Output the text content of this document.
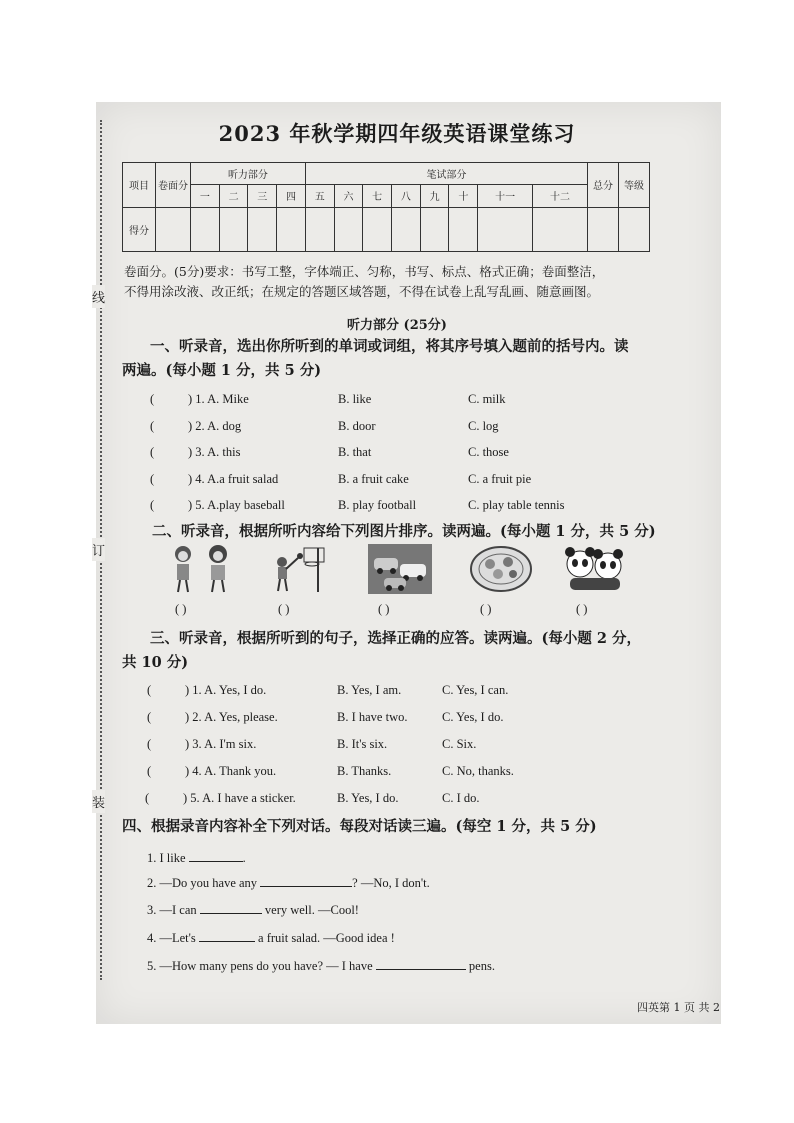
线
订
装
2023 年秋学期四年级英语课堂练习
项目	卷面分	听力部分				笔试部分								总分	等级
		一	二	三	四	五	六	七	八	九	十	十一	十二		
得分															
卷面分。(5分)要求：书写工整，字体端正、匀称，书写、标点、格式正确；卷面整洁，
不得用涂改液、改正纸；在规定的答题区域答题，不得在试卷上乱写乱画、随意画图。
听力部分 (25分)
一、听录音，选出你所听到的单词或词组，将其序号填入题前的括号内。读
两遍。(每小题 1 分，共 5 分)
(	) 1. A. Mike	B. like	C. milk
(	) 2. A. dog	B. door	C. log
(	) 3. A. this	B. that	C. those
(	) 4. A.a fruit salad	B. a fruit cake	C. a fruit pie
(	) 5. A.play baseball	B. play football	C. play table tennis
二、听录音，根据所听内容给下列图片排序。读两遍。(每小题 1 分，共 5 分)
( )	( )	( )	( )	( )
三、听录音，根据所听到的句子，选择正确的应答。读两遍。(每小题 2 分，
共 10 分)
(	) 1. A. Yes, I do.	B. Yes, I am.	C. Yes, I can.
(	) 2. A. Yes, please.	B. I have two.	C. Yes, I do.
(	) 3. A. I'm six.	B. It's six.	C. Six.
(	) 4. A. Thank you.	B. Thanks.	C. No, thanks.
(	) 5. A. I have a sticker.	B. Yes, I do.	C. I do.
四、根据录音内容补全下列对话。每段对话读三遍。(每空 1 分，共 5 分)
1. I like	.
2. —Do you have any	? —No, I don't.
3. —I can	very well. —Cool!
4. —Let's	a fruit salad. —Good idea !
5. —How many pens do you have? — I have	pens.
四英第 1 页 共 2
